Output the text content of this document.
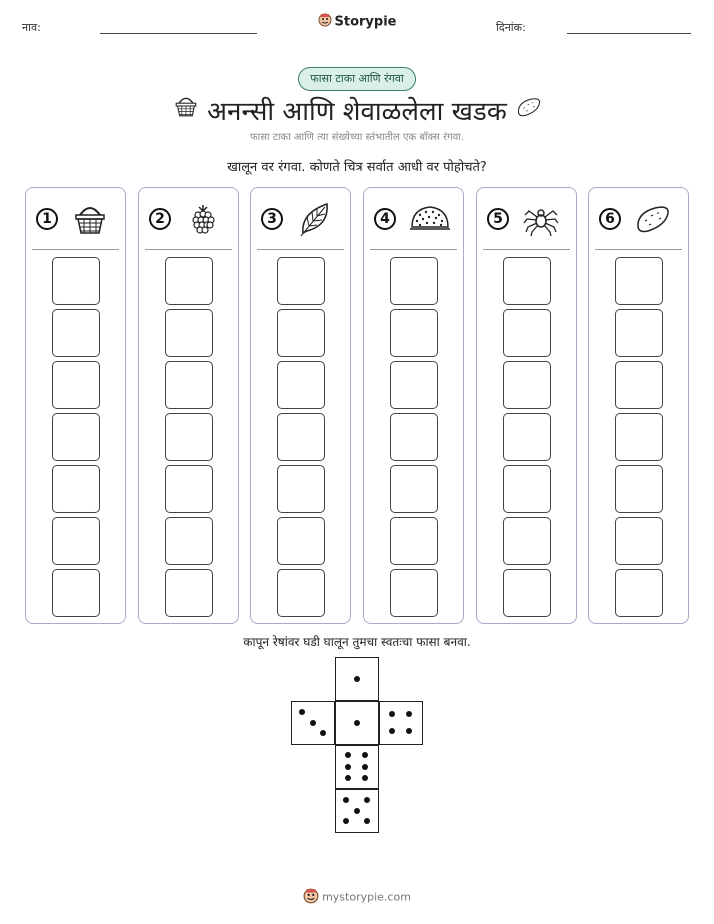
नाव:	Storypie	दिनांक:
फासा टाका आणि रंगवा
अनन्सी आणि शेवाळलेला खडक
फासा टाका आणि त्या संख्येच्या स्तंभातील एक बॉक्स रंगवा.
खालून वर रंगवा. कोणते चित्र सर्वात आधी वर पोहोचते?
1	2	3	4	5	6
कापून रेषांवर घडी घालून तुमचा स्वतःचा फासा बनवा.
mystorypie.com
